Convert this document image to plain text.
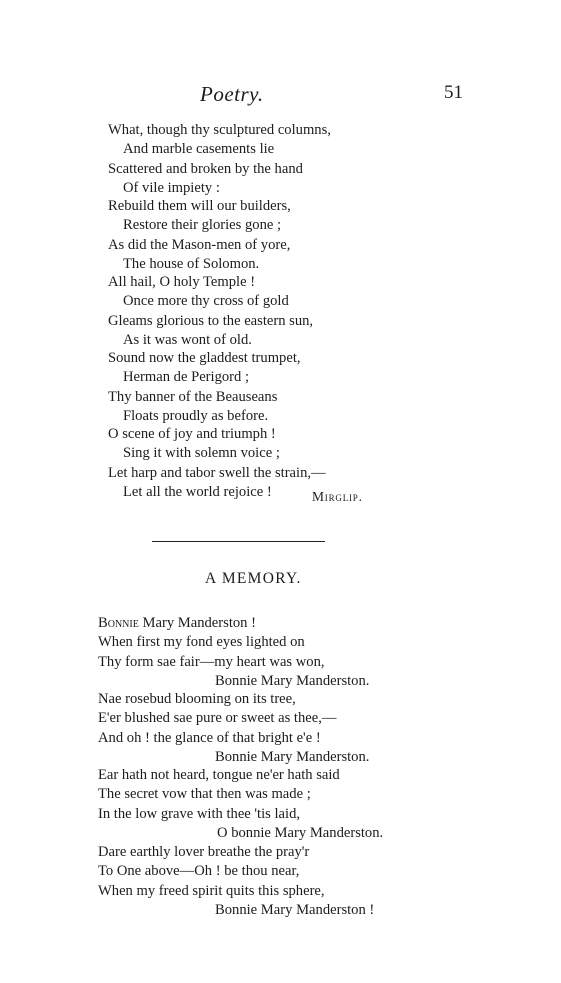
Poetry.	51
What, though thy sculptured columns,
And marble casements lie
Scattered and broken by the hand
Of vile impiety :
Rebuild them will our builders,
Restore their glories gone ;
As did the Mason-men of yore,
The house of Solomon.
All hail, O holy Temple !
Once more thy cross of gold
Gleams glorious to the eastern sun,
As it was wont of old.
Sound now the gladdest trumpet,
Herman de Perigord ;
Thy banner of the Beauseans
Floats proudly as before.
O scene of joy and triumph !
Sing it with solemn voice ;
Let harp and tabor swell the strain,—
Let all the world rejoice !	Mirglip.
A MEMORY.
Bonnie Mary Manderston !
When first my fond eyes lighted on
Thy form sae fair—my heart was won,
Bonnie Mary Manderston.
Nae rosebud blooming on its tree,
E'er blushed sae pure or sweet as thee,—
And oh ! the glance of that bright e'e !
Bonnie Mary Manderston.
Ear hath not heard, tongue ne'er hath said
The secret vow that then was made ;
In the low grave with thee 'tis laid,
O bonnie Mary Manderston.
Dare earthly lover breathe the pray'r
To One above—Oh ! be thou near,
When my freed spirit quits this sphere,
Bonnie Mary Manderston !
